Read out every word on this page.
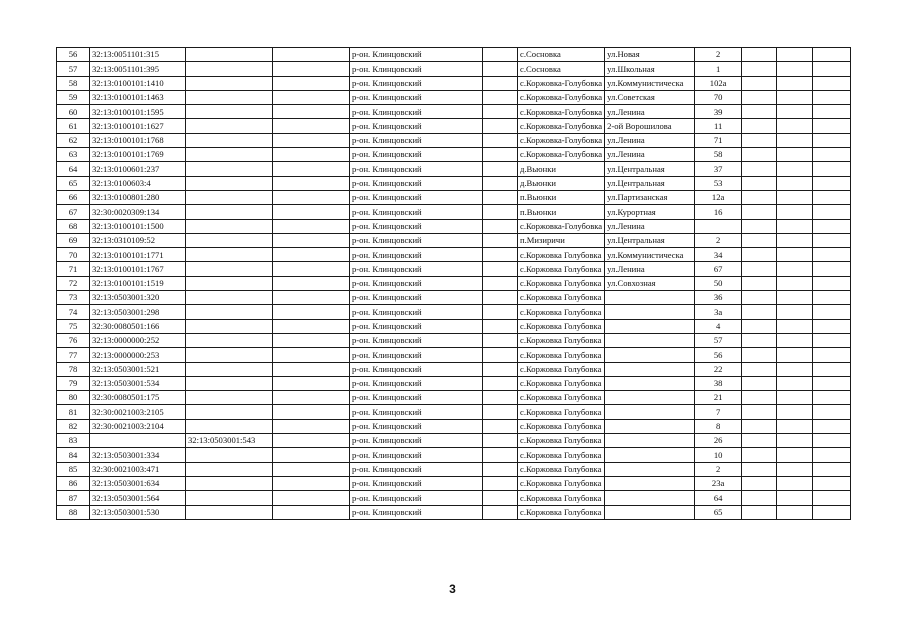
56	32:13:0051101:315			р-он. Клинцовский		с.Сосновка	ул.Новая	2			
57	32:13:0051101:395			р-он. Клинцовский		с.Сосновка	ул.Школьная	1			
58	32:13:0100101:1410			р-он. Клинцовский		с.Коржовка-Голубовка	ул.Коммунистическа	102а			
59	32:13:0100101:1463			р-он. Клинцовский		с.Коржовка-Голубовка	ул.Советская	70			
60	32:13:0100101:1595			р-он. Клинцовский		с.Коржовка-Голубовка	ул.Ленина	39			
61	32:13:0100101:1627			р-он. Клинцовский		с.Коржовка-Голубовка	2-ой Ворошилова	11			
62	32:13:0100101:1768			р-он. Клинцовский		с.Коржовка-Голубовка	ул.Ленина	71			
63	32:13:0100101:1769			р-он. Клинцовский		с.Коржовка-Голубовка	ул.Ленина	58			
64	32:13:0100601:237			р-он. Клинцовский		д.Вьюнки	ул.Центральная	37			
65	32:13:0100603:4			р-он. Клинцовский		д.Вьюнки	ул.Центральная	53			
66	32:13:0100801:280			р-он. Клинцовский		п.Вьюнки	ул.Партизанская	12а			
67	32:30:0020309:134			р-он. Клинцовский		п.Вьюнки	ул.Курортная	16			
68	32:13:0100101:1500			р-он. Клинцовский		с.Коржовка-Голубовка	ул.Ленина				
69	32:13:0310109:52			р-он. Клинцовский		п.Мизиричи	ул.Центральная	2			
70	32:13:0100101:1771			р-он. Клинцовский		с.Коржовка Голубовка	ул.Коммунистическа	34			
71	32:13:0100101:1767			р-он. Клинцовский		с.Коржовка Голубовка	ул.Ленина	67			
72	32:13:0100101:1519			р-он. Клинцовский		с.Коржовка Голубовка	ул.Совхозная	50			
73	32:13:0503001:320			р-он. Клинцовский		с.Коржовка Голубовка		36			
74	32:13:0503001:298			р-он. Клинцовский		с.Коржовка Голубовка		3а			
75	32:30:0080501:166			р-он. Клинцовский		с.Коржовка Голубовка		4			
76	32:13:0000000:252			р-он. Клинцовский		с.Коржовка Голубовка		57			
77	32:13:0000000:253			р-он. Клинцовский		с.Коржовка Голубовка		56			
78	32:13:0503001:521			р-он. Клинцовский		с.Коржовка Голубовка		22			
79	32:13:0503001:534			р-он. Клинцовский		с.Коржовка Голубовка		38			
80	32:30:0080501:175			р-он. Клинцовский		с.Коржовка Голубовка		21			
81	32:30:0021003:2105			р-он. Клинцовский		с.Коржовка Голубовка		7			
82	32:30:0021003:2104			р-он. Клинцовский		с.Коржовка Голубовка		8			
83		32:13:0503001:543		р-он. Клинцовский		с.Коржовка Голубовка		26			
84	32:13:0503001:334			р-он. Клинцовский		с.Коржовка Голубовка		10			
85	32:30:0021003:471			р-он. Клинцовский		с.Коржовка Голубовка		2			
86	32:13:0503001:634			р-он. Клинцовский		с.Коржовка Голубовка		23а			
87	32:13:0503001:564			р-он. Клинцовский		с.Коржовка Голубовка		64			
88	32:13:0503001:530			р-он. Клинцовский		с.Коржовка Голубовка		65			
3
